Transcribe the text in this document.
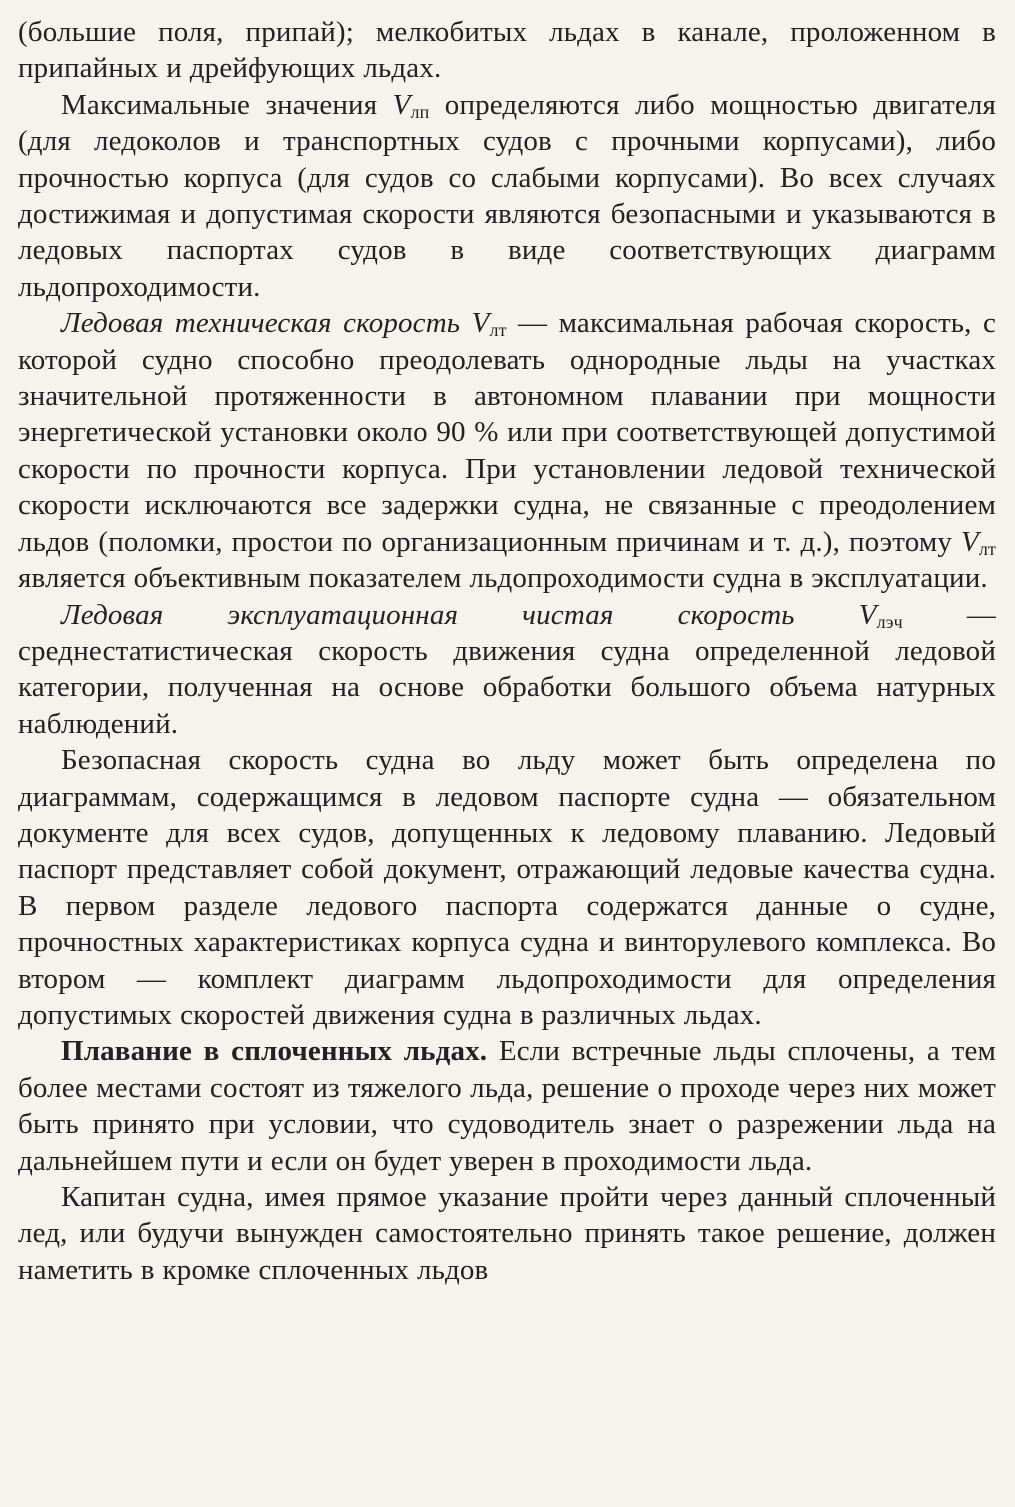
(большие поля, припай); мелкобитых льдах в канале, проложенном в припайных и дрейфующих льдах.

Максимальные значения $V_{лп}$ определяются либо мощностью двигателя (для ледоколов и транспортных судов с прочными корпусами), либо прочностью корпуса (для судов со слабыми корпусами). Во всех случаях достижимая и допустимая скорости являются безопасными и указываются в ледовых паспортах судов в виде соответствующих диаграмм льдопроходимости.

Ледовая техническая скорость $V_{лт}$ — максимальная рабочая скорость, с которой судно способно преодолевать однородные льды на участках значительной протяженности в автономном плавании при мощности энергетической установки около 90 % или при соответствующей допустимой скорости по прочности корпуса. При установлении ледовой технической скорости исключаются все задержки судна, не связанные с преодолением льдов (поломки, простои по организационным причинам и т. д.), поэтому $V_{лт}$ является объективным показателем льдопроходимости судна в эксплуатации.

Ледовая эксплуатационная чистая скорость $V_{лэч}$ — среднестатистическая скорость движения судна определенной ледовой категории, полученная на основе обработки большого объема натурных наблюдений.

Безопасная скорость судна во льду может быть определена по диаграммам, содержащимся в ледовом паспорте судна — обязательном документе для всех судов, допущенных к ледовому плаванию. Ледовый паспорт представляет собой документ, отражающий ледовые качества судна. В первом разделе ледового паспорта содержатся данные о судне, прочностных характеристиках корпуса судна и винторулевого комплекса. Во втором — комплект диаграмм льдопроходимости для определения допустимых скоростей движения судна в различных льдах.

Плавание в сплоченных льдах. Если встречные льды сплочены, а тем более местами состоят из тяжелого льда, решение о проходе через них может быть принято при условии, что судоводитель знает о разрежении льда на дальнейшем пути и если он будет уверен в проходимости льда.

Капитан судна, имея прямое указание пройти через данный сплоченный лед, или будучи вынужден самостоятельно принять такое решение, должен наметить в кромке сплоченных льдов
